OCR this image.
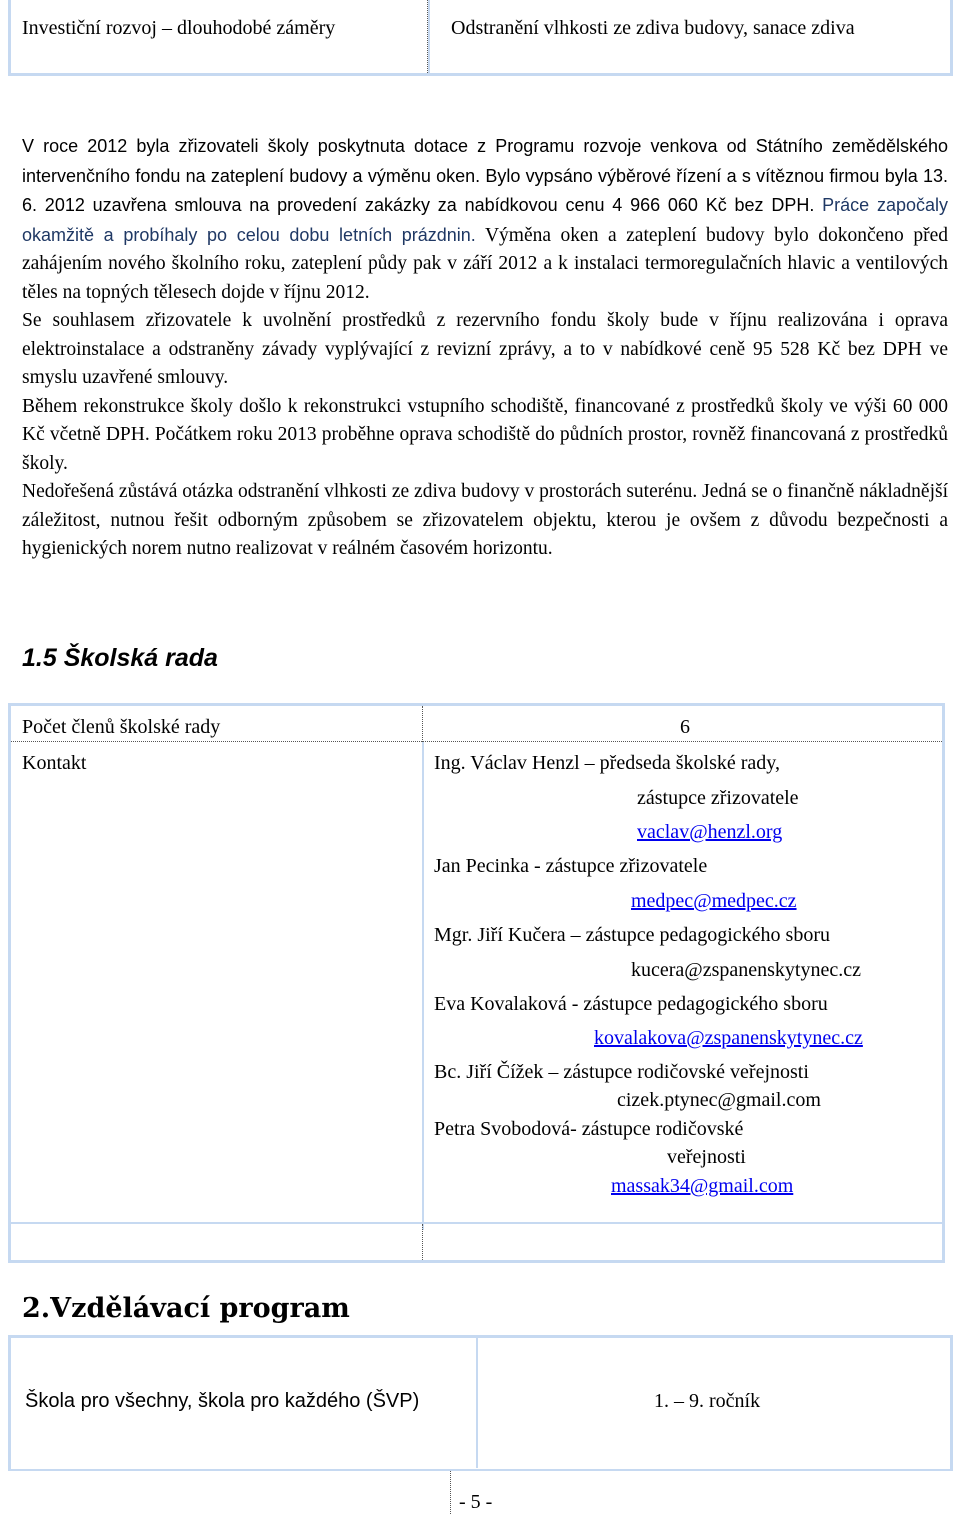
Investiční rozvoj – dlouhodobé záměry	Odstranění vlhkosti ze zdiva budovy, sanace zdiva

V roce 2012 byla zřizovateli školy poskytnuta dotace z Programu rozvoje venkova od Státního zemědělského intervenčního fondu na zateplení budovy a výměnu oken. Bylo vypsáno výběrové řízení a s vítěznou firmou byla 13. 6. 2012 uzavřena smlouva na provedení zakázky za nabídkovou cenu 4 966 060 Kč bez DPH. Práce započaly okamžitě a probíhaly po celou dobu letních prázdnin. Výměna oken a zateplení budovy bylo dokončeno před zahájením nového školního roku, zateplení půdy pak v září 2012 a k instalaci termoregulačních hlavic a ventilových těles na topných tělesech dojde v říjnu 2012.

Se souhlasem zřizovatele k uvolnění prostředků z rezervního fondu školy bude v říjnu realizována i oprava elektroinstalace a odstraněny závady vyplývající z revizní zprávy, a to v nabídkové ceně 95 528 Kč bez DPH ve smyslu uzavřené smlouvy.

Během rekonstrukce školy došlo k rekonstrukci vstupního schodiště, financované z prostředků školy ve výši 60 000 Kč včetně DPH. Počátkem roku 2013 proběhne oprava schodiště do půdních prostor, rovněž financovaná z prostředků školy.

Nedořešená zůstává otázka odstranění vlhkosti ze zdiva budovy v prostorách suterénu. Jedná se o finančně nákladnější záležitost, nutnou řešit odborným způsobem se zřizovatelem objektu, kterou je ovšem z důvodu bezpečnosti a hygienických norem nutno realizovat v reálném časovém horizontu.

1.5 Školská rada
Počet členů školské rady	6
Kontakt	Ing. Václav Henzl – předseda školské rady,
zástupce zřizovatele
vaclav@henzl.org
Jan Pecinka - zástupce zřizovatele
medpec@medpec.cz
Mgr. Jiří Kučera – zástupce pedagogického sboru
kucera@zspanenskytynec.cz
Eva Kovalaková - zástupce pedagogického sboru
kovalakova@zspanenskytynec.cz
Bc. Jiří Čížek – zástupce rodičovské veřejnosti
cizek.ptynec@gmail.com
Petra Svobodová- zástupce rodičovské
veřejnosti
massak34@gmail.com
2.Vzdělávací program
Škola pro všechny, škola pro každého (ŠVP)	1. – 9. ročník
- 5 -
